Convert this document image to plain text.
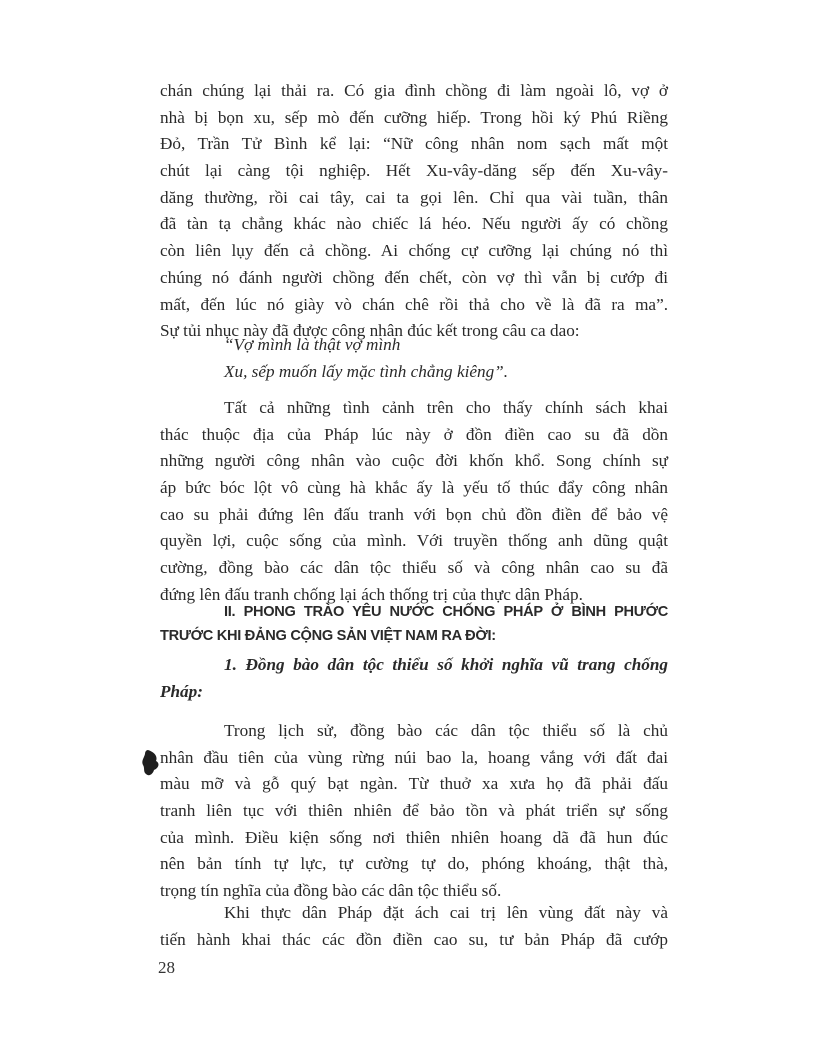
chán chúng lại thải ra. Có gia đình chồng đi làm ngoài lô, vợ ở
nhà bị bọn xu, sếp mò đến cưỡng hiếp. Trong hồi ký Phú Riềng
Đỏ, Trần Tử Bình kể lại: “Nữ công nhân nom sạch mất một
chút lại càng tội nghiệp. Hết Xu-vây-dăng sếp đến Xu-vây-
dăng thường, rồi cai tây, cai ta gọi lên. Chỉ qua vài tuần, thân
đã tàn tạ chẳng khác nào chiếc lá héo. Nếu người ấy có chồng
còn liên lụy đến cả chồng. Ai chống cự cưỡng lại chúng nó thì
chúng nó đánh người chồng đến chết, còn vợ thì vẫn bị cướp đi
mất, đến lúc nó giày vò chán chê rồi thả cho về là đã ra ma”.
Sự tủi nhục này đã được công nhân đúc kết trong câu ca dao:
“Vợ mình là thật vợ mình
Xu, sếp muốn lấy mặc tình chẳng kiêng”.
Tất cả những tình cảnh trên cho thấy chính sách khai
thác thuộc địa của Pháp lúc này ở đồn điền cao su đã dồn
những người công nhân vào cuộc đời khốn khổ. Song chính sự
áp bức bóc lột vô cùng hà khắc ấy là yếu tố thúc đẩy công nhân
cao su phải đứng lên đấu tranh với bọn chủ đồn điền để bảo vệ
quyền lợi, cuộc sống của mình. Với truyền thống anh dũng quật
cường, đồng bào các dân tộc thiểu số và công nhân cao su đã
đứng lên đấu tranh chống lại ách thống trị của thực dân Pháp.
II. PHONG TRÀO YÊU NƯỚC CHỐNG PHÁP Ở BÌNH PHƯỚC
TRƯỚC KHI ĐẢNG CỘNG SẢN VIỆT NAM RA ĐỜI:
1. Đồng bào dân tộc thiểu số khởi nghĩa vũ trang chống
Pháp:
Trong lịch sử, đồng bào các dân tộc thiểu số là chủ
nhân đầu tiên của vùng rừng núi bao la, hoang vắng với đất đai
màu mỡ và gỗ quý bạt ngàn. Từ thuở xa xưa họ đã phải đấu
tranh liên tục với thiên nhiên để bảo tồn và phát triển sự sống
của mình. Điều kiện sống nơi thiên nhiên hoang dã đã hun đúc
nên bản tính tự lực, tự cường tự do, phóng khoáng, thật thà,
trọng tín nghĩa của đồng bào các dân tộc thiểu số.
Khi thực dân Pháp đặt ách cai trị lên vùng đất này và
tiến hành khai thác các đồn điền cao su, tư bản Pháp đã cướp
28
